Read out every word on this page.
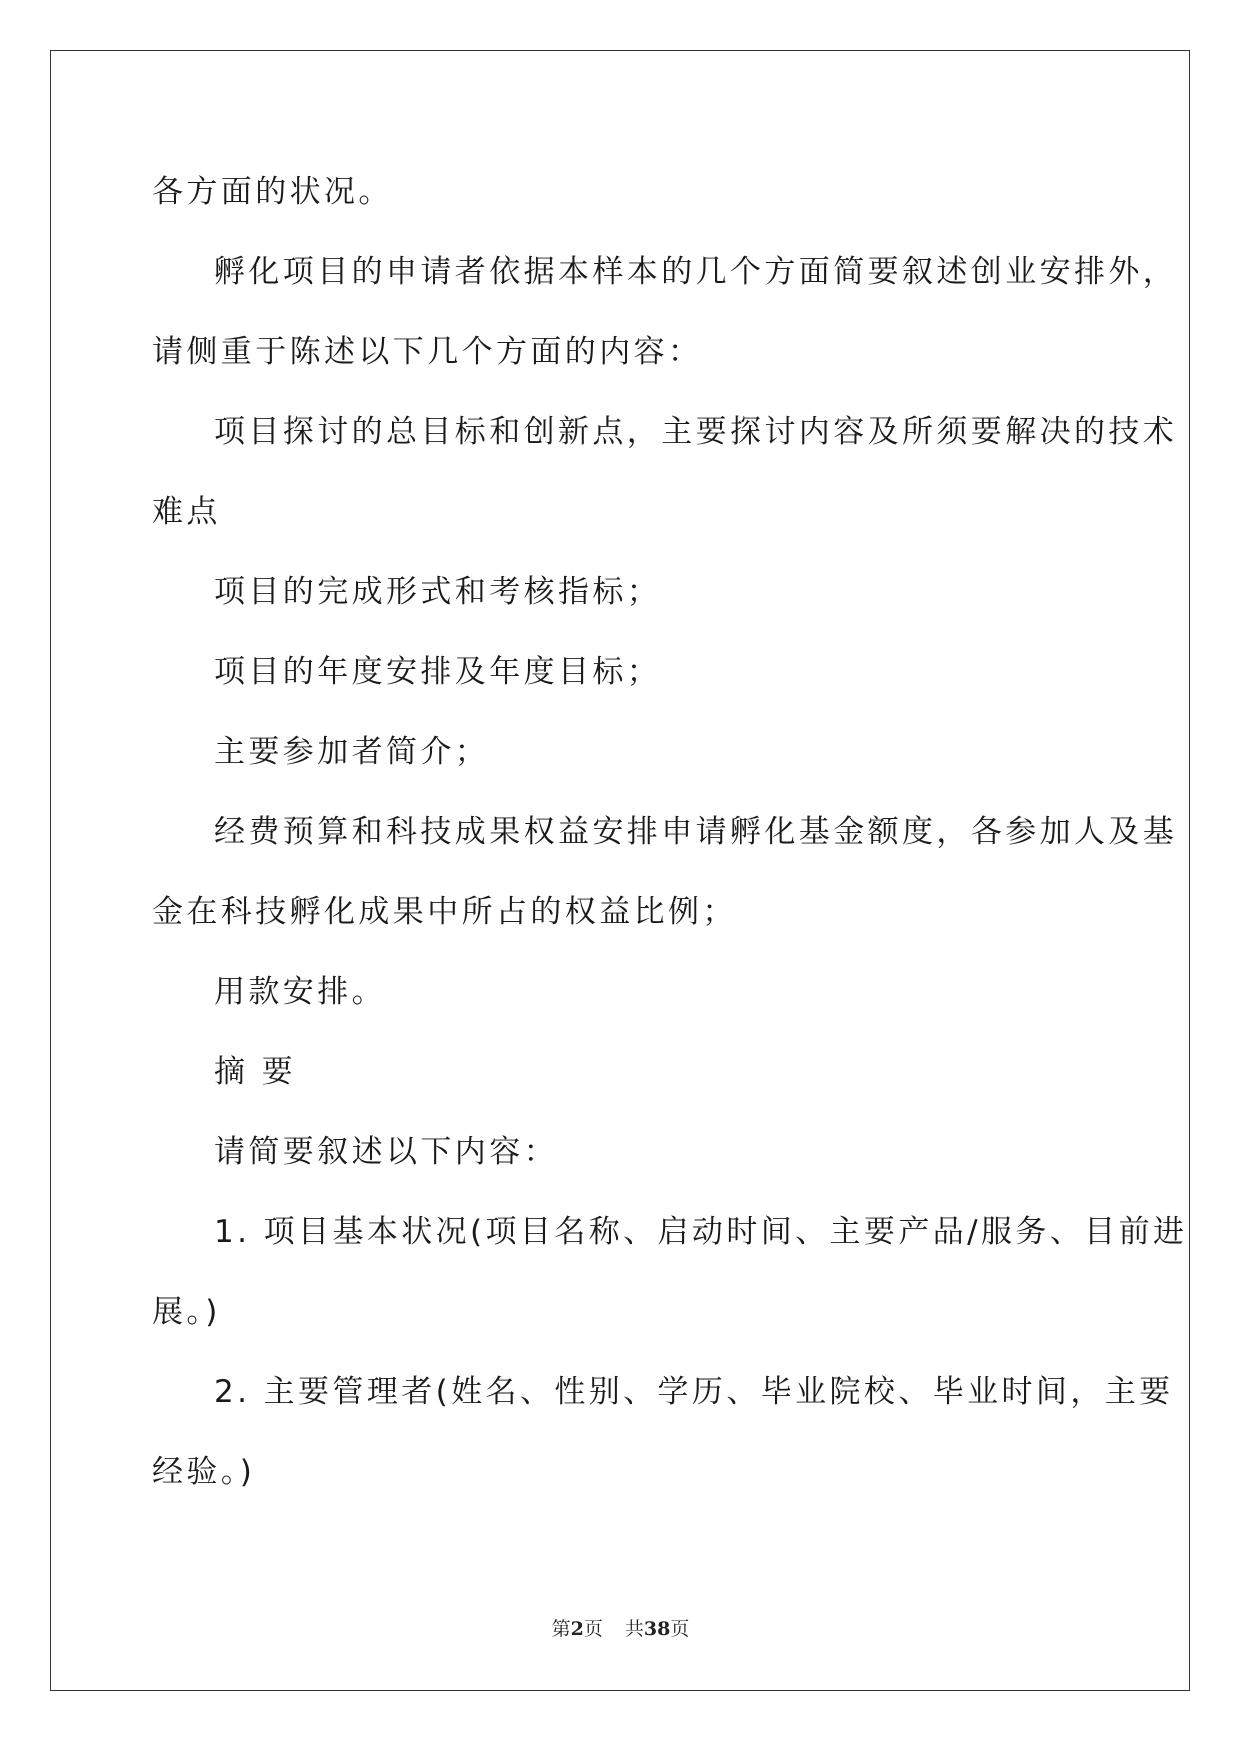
各方面的状况。
孵化项目的申请者依据本样本的几个方面简要叙述创业安排外，
请侧重于陈述以下几个方面的内容：
项目探讨的总目标和创新点，主要探讨内容及所须要解决的技术
难点
项目的完成形式和考核指标；
项目的年度安排及年度目标；
主要参加者简介；
经费预算和科技成果权益安排申请孵化基金额度，各参加人及基
金在科技孵化成果中所占的权益比例；
用款安排。
摘 要
请简要叙述以下内容：
1. 项目基本状况(项目名称、启动时间、主要产品/服务、目前进
展。)
2. 主要管理者(姓名、性别、学历、毕业院校、毕业时间，主要
经验。)
第2页 共38页
